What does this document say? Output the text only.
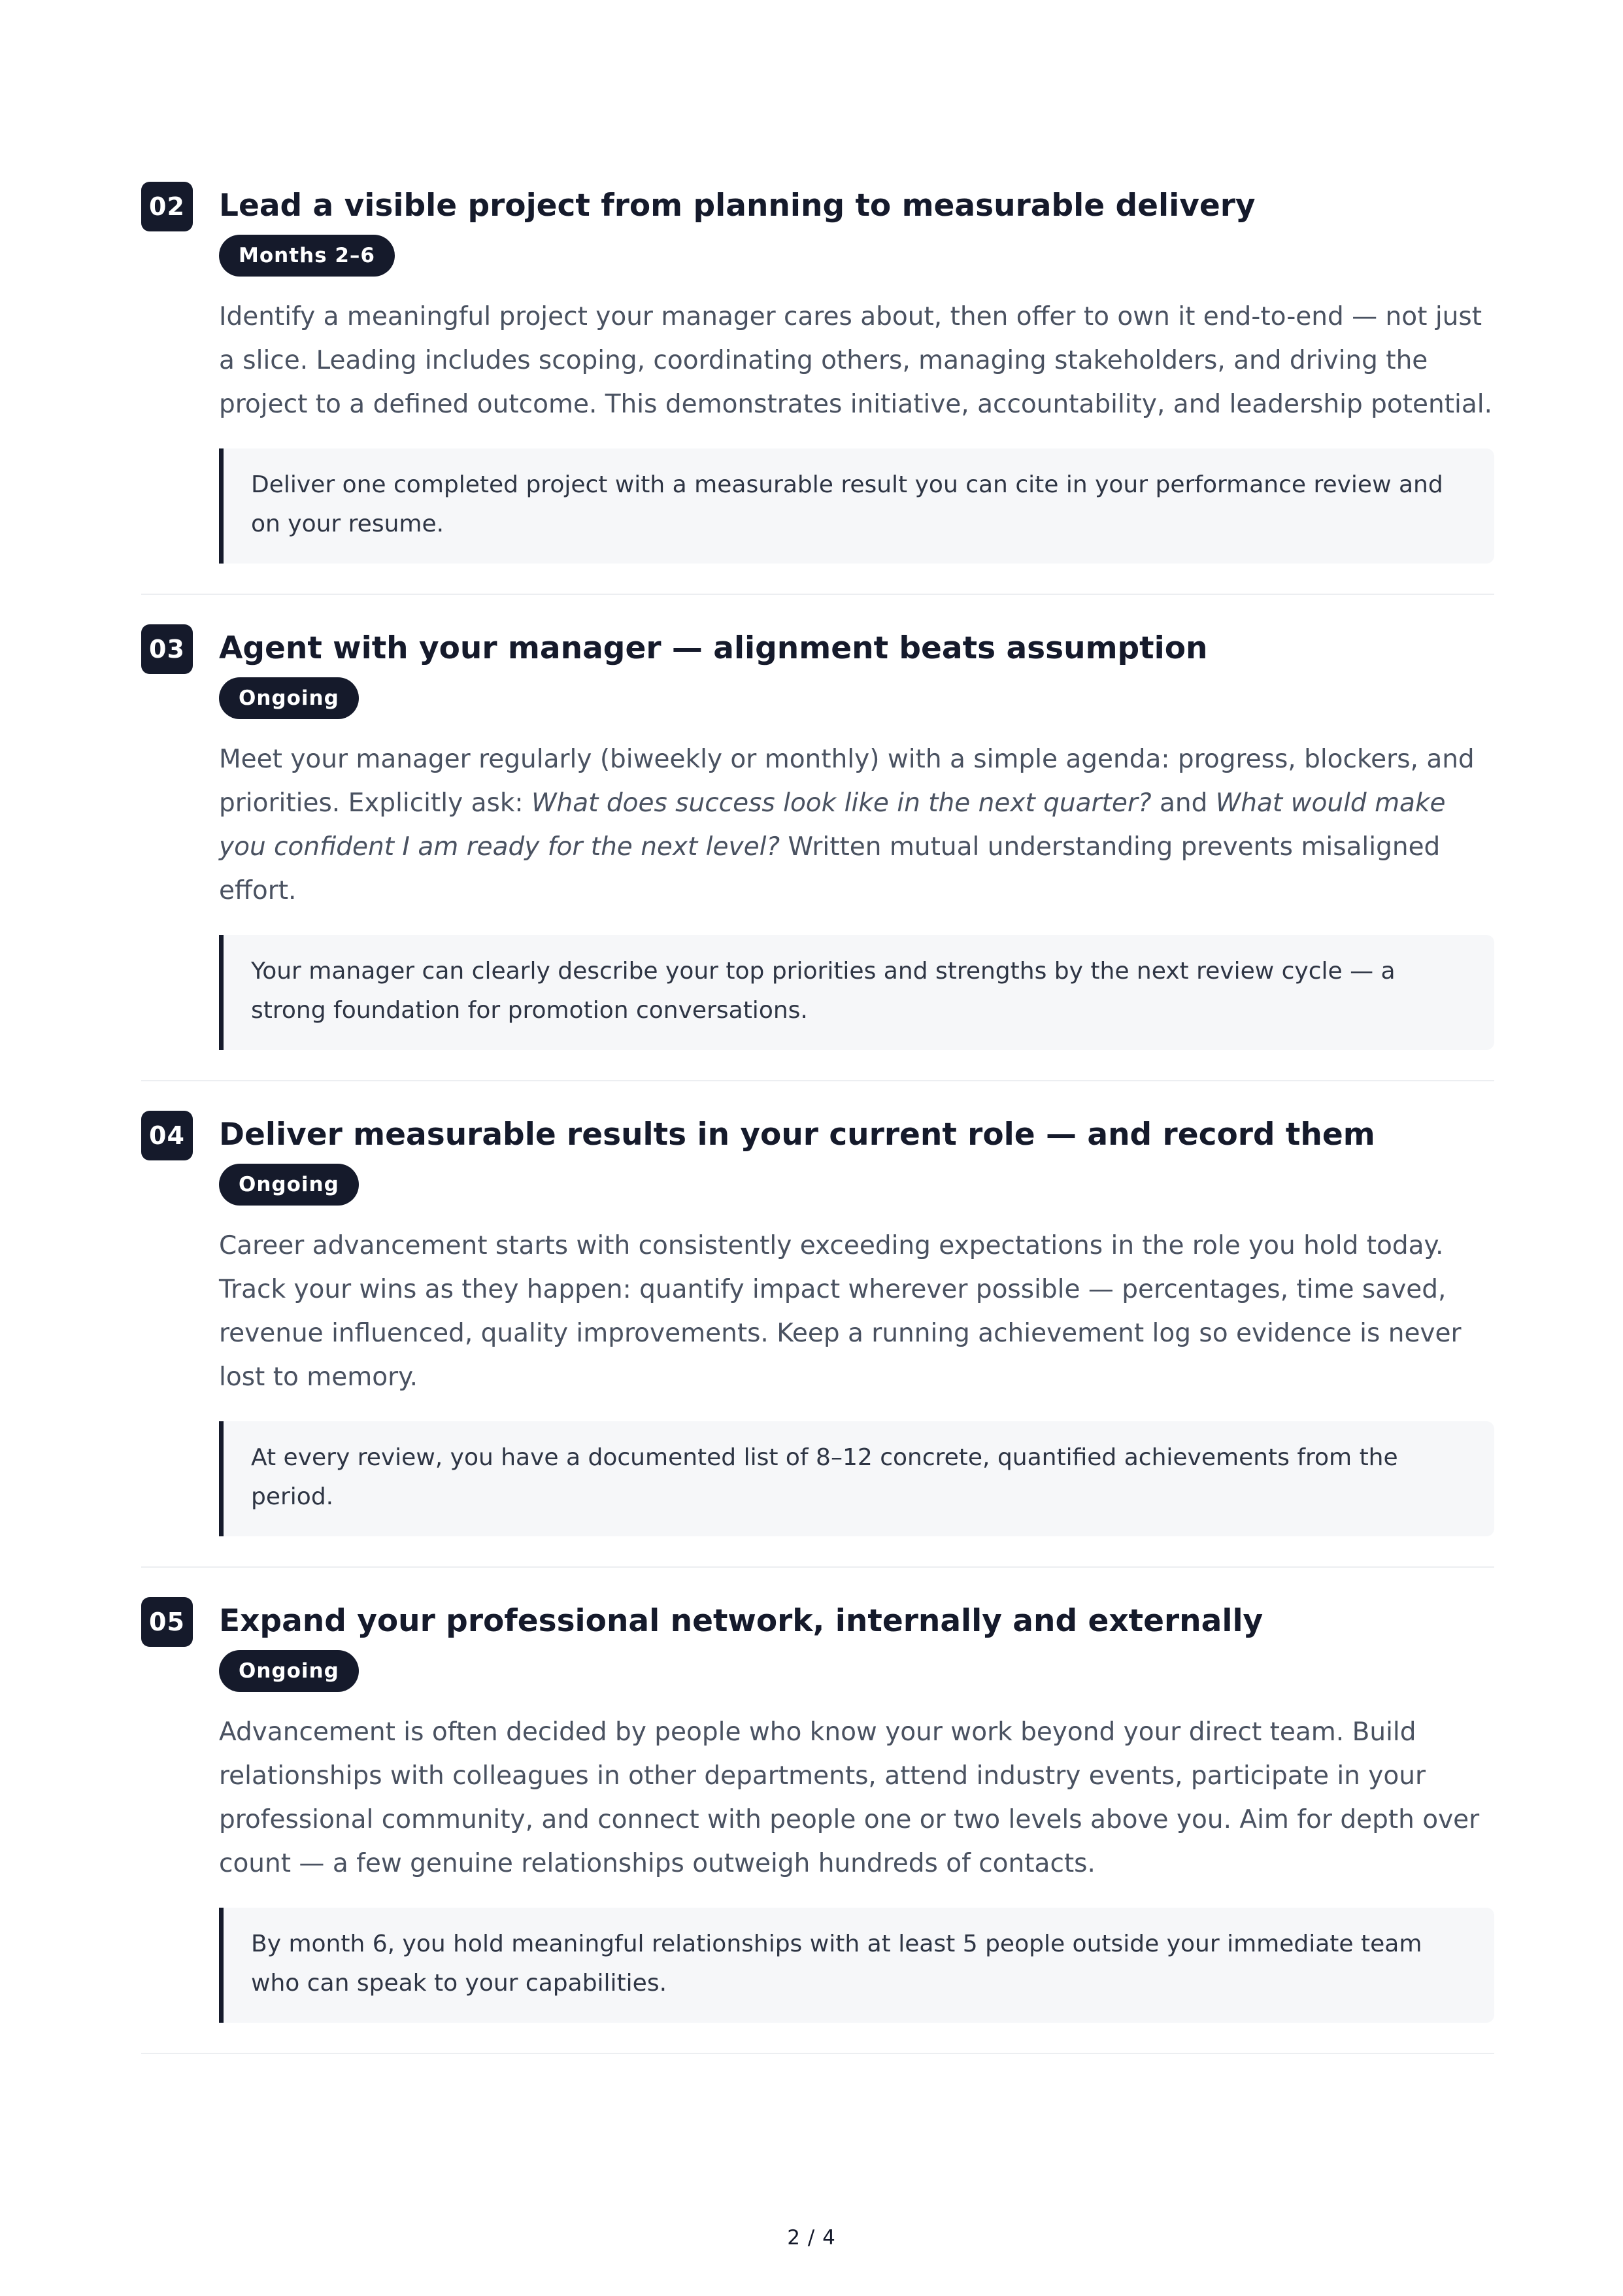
02 Lead a visible project from planning to measurable delivery
Months 2–6

Identify a meaningful project your manager cares about, then offer to own it end-to-end — not just a slice. Leading includes scoping, coordinating others, managing stakeholders, and driving the project to a defined outcome. This demonstrates initiative, accountability, and leadership potential.

Deliver one completed project with a measurable result you can cite in your performance review and on your resume.
03 Agent with your manager — alignment beats assumption
Ongoing

Meet your manager regularly (biweekly or monthly) with a simple agenda: progress, blockers, and priorities. Explicitly ask: What does success look like in the next quarter? and What would make you confident I am ready for the next level? Written mutual understanding prevents misaligned effort.

Your manager can clearly describe your top priorities and strengths by the next review cycle — a strong foundation for promotion conversations.
04 Deliver measurable results in your current role — and record them
Ongoing

Career advancement starts with consistently exceeding expectations in the role you hold today. Track your wins as they happen: quantify impact wherever possible — percentages, time saved, revenue influenced, quality improvements. Keep a running achievement log so evidence is never lost to memory.

At every review, you have a documented list of 8–12 concrete, quantified achievements from the period.
05 Expand your professional network, internally and externally
Ongoing

Advancement is often decided by people who know your work beyond your direct team. Build relationships with colleagues in other departments, attend industry events, participate in your professional community, and connect with people one or two levels above you. Aim for depth over count — a few genuine relationships outweigh hundreds of contacts.

By month 6, you hold meaningful relationships with at least 5 people outside your immediate team who can speak to your capabilities.
2 / 4
